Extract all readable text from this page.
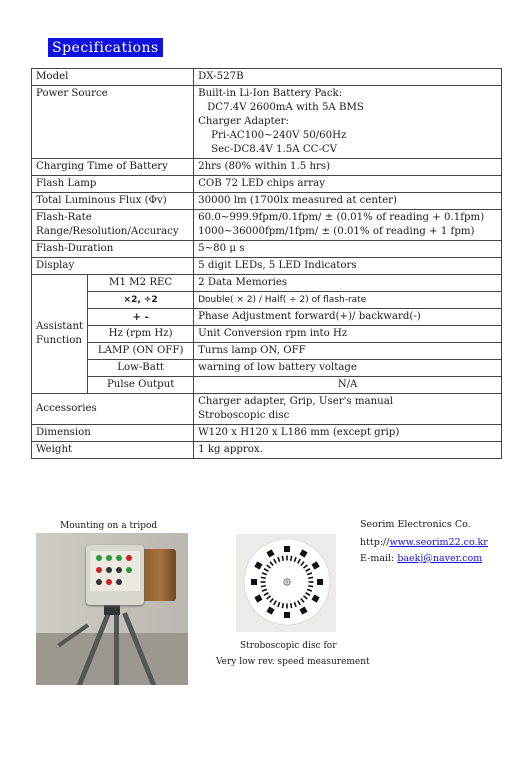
Specifications
Model		DX-527B
Power Source		Built-in Li-Ion Battery Pack:
DC7.4V 2600mA with 5A BMS
Charger Adapter:
Pri-AC100~240V 50/60Hz
Sec-DC8.4V 1.5A CC-CV

Charging Time of Battery		2hrs (80% within 1.5 hrs)
Flash Lamp		COB 72 LED chips array
Total Luminous Flux (Φv)		30000 lm (1700lx measured at center)

Flash-Rate
Range/Resolution/Accuracy		60.0~999.9fpm/0.1fpm/ ± (0.01% of reading + 0.1fpm)
1000~36000fpm/1fpm/ ± (0.01% of reading + 1 fpm)

Flash-Duration		5~80 μ s
Display		5 digit LEDs, 5 LED Indicators

Assistant
Function	M1 M2 REC	2 Data Memories
	×2, ÷2	Double( × 2) / Half( ÷ 2) of flash-rate
	+ -	Phase Adjustment forward(+)/ backward(-)
	Hz (rpm Hz)	Unit Conversion rpm into Hz
	LAMP (ON OFF)	Turns lamp ON, OFF
	Low-Batt	warning of low battery voltage
	Pulse Output	N/A
Accessories		Charger adapter, Grip, User's manual
Stroboscopic disc

Dimension		W120 x H120 x L186 mm (except grip)
Weight		1 kg approx.
Mounting on a tripod
Stroboscopic disc for
Very low rev. speed measurement
Seorim Electronics Co.
http://www.seorim22.co.kr
E-mail: baekj@naver.com
